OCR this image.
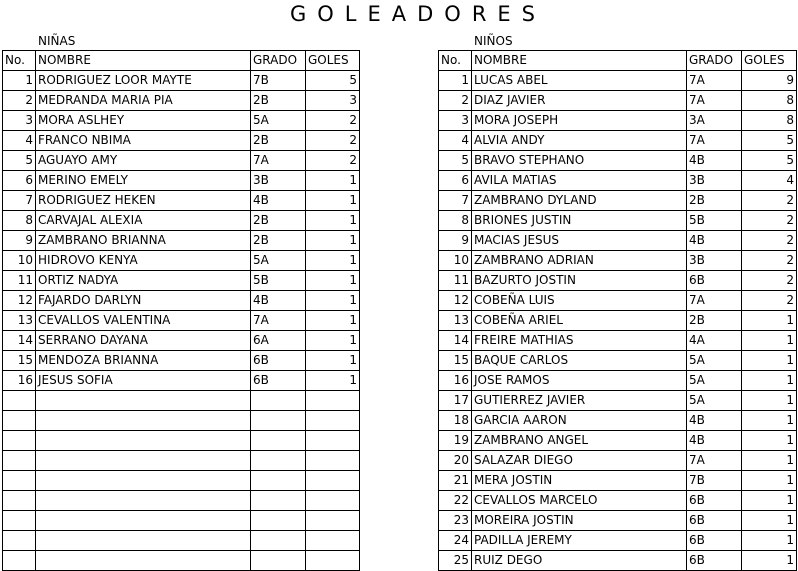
GOLEADORES
NIÑAS	NIÑOS
No.	NOMBRE	GRADO	GOLES
1	RODRIGUEZ LOOR MAYTE	7B	5
2	MEDRANDA MARIA PIA	2B	3
3	MORA ASLHEY	5A	2
4	FRANCO NBIMA	2B	2
5	AGUAYO AMY	7A	2
6	MERINO EMELY	3B	1
7	RODRIGUEZ HEKEN	4B	1
8	CARVAJAL ALEXIA	2B	1
9	ZAMBRANO BRIANNA	2B	1
10	HIDROVO KENYA	5A	1
11	ORTIZ NADYA	5B	1
12	FAJARDO DARLYN	4B	1
13	CEVALLOS VALENTINA	7A	1
14	SERRANO DAYANA	6A	1
15	MENDOZA BRIANNA	6B	1
16	JESUS SOFIA	6B	1

No.	NOMBRE	GRADO	GOLES
1	LUCAS ABEL	7A	9
2	DIAZ JAVIER	7A	8
3	MORA JOSEPH	3A	8
4	ALVIA ANDY	7A	5
5	BRAVO STEPHANO	4B	5
6	AVILA MATIAS	3B	4
7	ZAMBRANO DYLAND	2B	2
8	BRIONES JUSTIN	5B	2
9	MACIAS JESUS	4B	2
10	ZAMBRANO ADRIAN	3B	2
11	BAZURTO JOSTIN	6B	2
12	COBEÑA LUIS	7A	2
13	COBEÑA ARIEL	2B	1
14	FREIRE MATHIAS	4A	1
15	BAQUE CARLOS	5A	1
16	JOSE RAMOS	5A	1
17	GUTIERREZ JAVIER	5A	1
18	GARCIA AARON	4B	1
19	ZAMBRANO ANGEL	4B	1
20	SALAZAR DIEGO	7A	1
21	MERA JOSTIN	7B	1
22	CEVALLOS MARCELO	6B	1
23	MOREIRA JOSTIN	6B	1
24	PADILLA JEREMY	6B	1
25	RUIZ DEGO	6B	1
